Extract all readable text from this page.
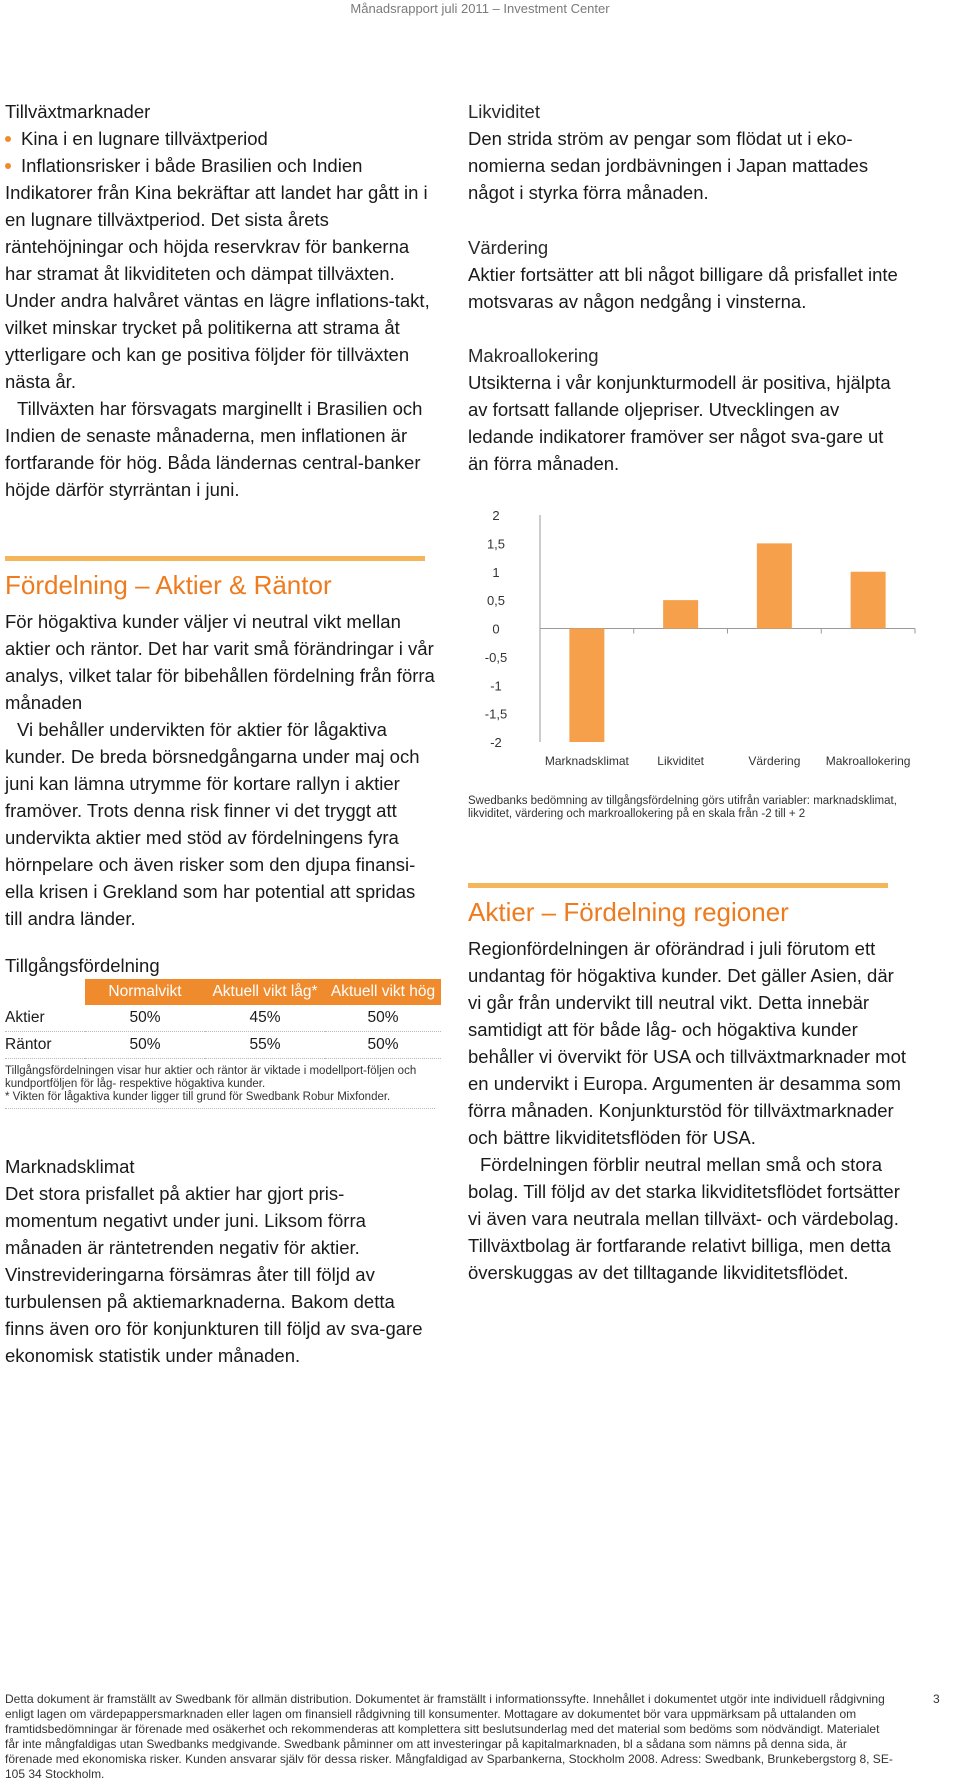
Månadsrapport juli 2011 – Investment Center
Tillväxtmarknader
Kina i en lugnare tillväxtperiod
Inflationsrisker i både Brasilien och Indien

Indikatorer från Kina bekräftar att landet har gått in i en lugnare tillväxtperiod. Det sista årets räntehöjningar och höjda reservkrav för bankerna har stramat åt likviditeten och dämpat tillväxten. Under andra halvåret väntas en lägre inflations-takt, vilket minskar trycket på politikerna att strama åt ytterligare och kan ge positiva följder för tillväxten nästa år.

Tillväxten har försvagats marginellt i Brasilien och Indien de senaste månaderna, men inflationen är fortfarande för hög. Båda ländernas central-banker höjde därför styrräntan i juni.

Fördelning – Aktier & Räntor

För högaktiva kunder väljer vi neutral vikt mellan aktier och räntor. Det har varit små förändringar i vår analys, vilket talar för bibehållen fördelning från förra månaden

Vi behåller undervikten för aktier för lågaktiva kunder. De breda börsnedgångarna under maj och juni kan lämna utrymme för kortare rallyn i aktier framöver. Trots denna risk finner vi det tryggt att undervikta aktier med stöd av fördelningens fyra hörnpelare och även risker som den djupa finansi-ella krisen i Grekland som har potential att spridas till andra länder.

Tillgångsfördelning
	Normalvikt	Aktuell vikt låg*	Aktuell vikt hög
Aktier	50%	45%	50%
Räntor	50%	55%	50%
Tillgångsfördelningen visar hur aktier och räntor är viktade i modellport-följen och kundportföljen för låg- respektive högaktiva kunder.
* Vikten för lågaktiva kunder ligger till grund för Swedbank Robur Mixfonder.
Marknadsklimat

Det stora prisfallet på aktier har gjort pris-momentum negativt under juni. Liksom förra månaden är räntetrenden negativ för aktier. Vinstrevideringarna försämras åter till följd av turbulensen på aktiemarknaderna. Bakom detta finns även oro för konjunkturen till följd av sva-gare ekonomisk statistik under månaden.

Likviditet

Den strida ström av pengar som flödat ut i eko-nomierna sedan jordbävningen i Japan mattades något i styrka förra månaden.

Värdering

Aktier fortsätter att bli något billigare då prisfallet inte motsvaras av någon nedgång i vinsterna.

Makroallokering

Utsikterna i vår konjunkturmodell är positiva, hjälpta av fortsatt fallande oljepriser. Utvecklingen av ledande indikatorer framöver ser något sva-gare ut än förra månaden.

2
1,5
1
0,5
0
-0,5
-1
-1,5
-2
Marknadsklimat Likviditet	Värdering Makroallokering
Swedbanks bedömning av tillgångsfördelning görs utifrån variabler: marknadsklimat, likviditet, värdering och markroallokering på en skala från -2 till + 2
Aktier – Fördelning regioner

Regionfördelningen är oförändrad i juli förutom ett undantag för högaktiva kunder. Det gäller Asien, där vi går från undervikt till neutral vikt. Detta innebär samtidigt att för både låg- och högaktiva kunder behåller vi övervikt för USA och tillväxtmarknader mot en undervikt i Europa. Argumenten är desamma som förra månaden. Konjunkturstöd för tillväxtmarknader och bättre likviditetsflöden för USA.

Fördelningen förblir neutral mellan små och stora bolag. Till följd av det starka likviditetsflödet fortsätter vi även vara neutrala mellan tillväxt- och värdebolag. Tillväxtbolag är fortfarande relativt billiga, men detta överskuggas av det tilltagande likviditetsflödet.

Detta dokument är framställt av Swedbank för allmän distribution. Dokumentet är framställt i informationssyfte. Innehållet i dokumentet utgör inte individuell rådgivning enligt lagen om värdepappersmarknaden eller lagen om finansiell rådgivning till konsumenter. Mottagare av dokumentet bör vara uppmärksam på uttalanden om framtidsbedömningar är förenade med osäkerhet och rekommenderas att komplettera sitt beslutsunderlag med det material som bedöms som nödvändigt. Materialet får inte mångfaldigas utan Swedbanks medgivande. Swedbank påminner om att investeringar på kapitalmarknaden, bl a sådana som nämns på denna sida, är förenade med ekonomiska risker. Kunden ansvarar själv för dessa risker. Mångfaldigad av Sparbankerna, Stockholm 2008. Adress: Swedbank, Brunkebergstorg 8, SE-105 34 Stockholm.
3
